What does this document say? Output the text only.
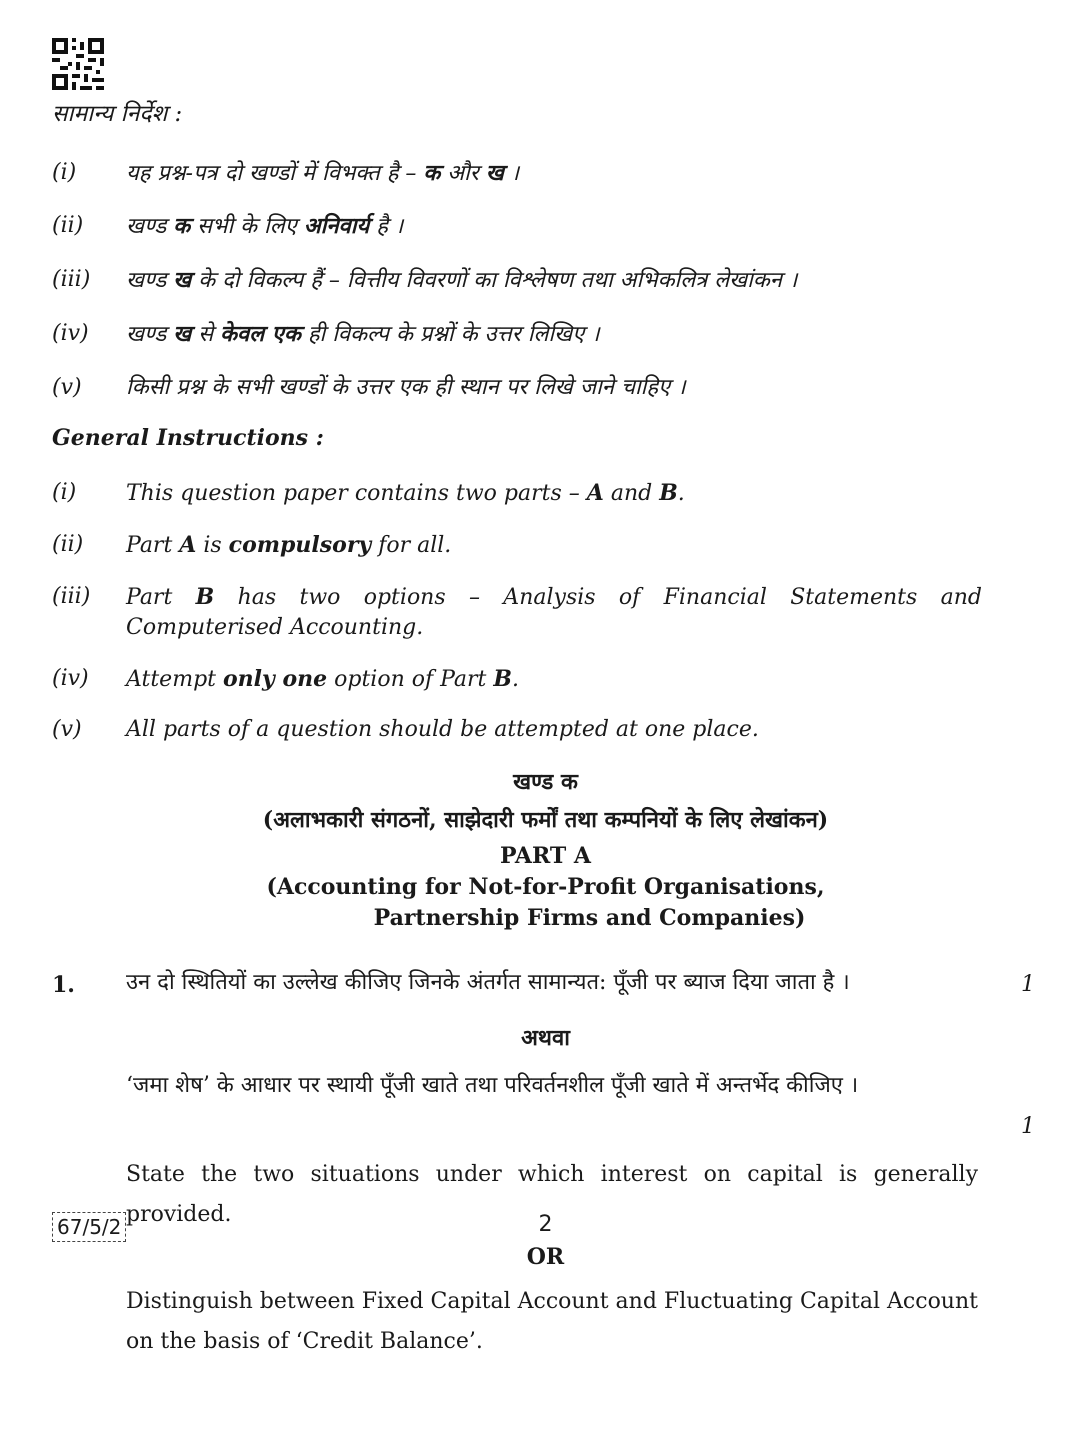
सामान्य निर्देश :
(i)	यह प्रश्न-पत्र दो खण्डों में विभक्त है – क और ख ।
(ii)	खण्ड क सभी के लिए अनिवार्य है ।
(iii)	खण्ड ख के दो विकल्प हैं – वित्तीय विवरणों का विश्लेषण तथा अभिकलित्र लेखांकन ।
(iv)	खण्ड ख से केवल एक ही विकल्प के प्रश्नों के उत्तर लिखिए ।
(v)	किसी प्रश्न के सभी खण्डों के उत्तर एक ही स्थान पर लिखे जाने चाहिए ।
General Instructions :
(i)	This question paper contains two parts – A and B.
(ii)	Part A is compulsory for all.
(iii)	Part B has two options – Analysis of Financial Statements and Computerised Accounting.
(iv)	Attempt only one option of Part B.
(v)	All parts of a question should be attempted at one place.
खण्ड क
(अलाभकारी संगठनों, साझेदारी फर्मों तथा कम्पनियों के लिए लेखांकन)
PART A
(Accounting for Not-for-Profit Organisations,
Partnership Firms and Companies)
1. उन दो स्थितियों का उल्लेख कीजिए जिनके अंतर्गत सामान्यत: पूँजी पर ब्याज दिया जाता है ।	1
अथवा
‘जमा शेष’ के आधार पर स्थायी पूँजी खाते तथा परिवर्तनशील पूँजी खाते में अन्तर्भेद कीजिए ।
1
State the two situations under which interest on capital is generally provided.
OR
Distinguish between Fixed Capital Account and Fluctuating Capital Account on the basis of ‘Credit Balance’.
67/5/2	2
